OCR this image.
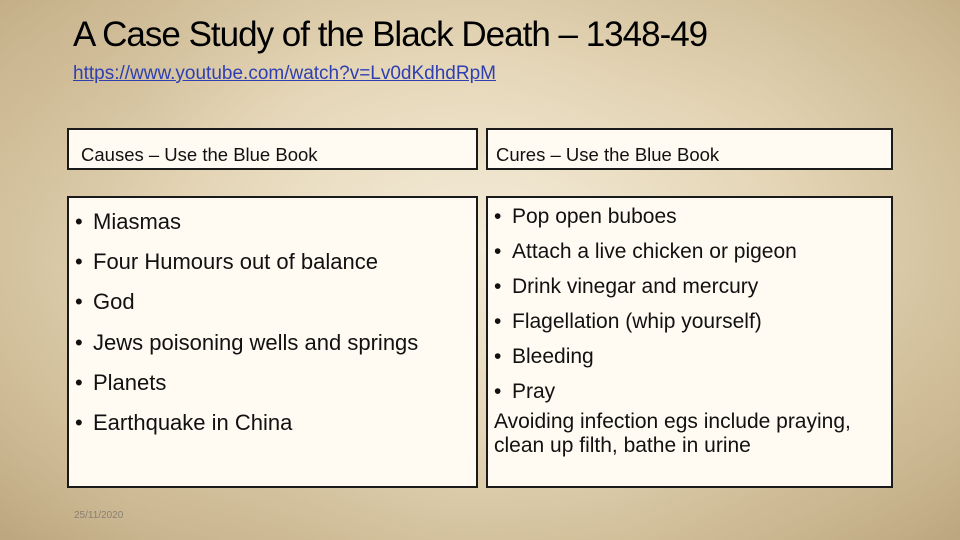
A Case Study of the Black Death – 1348-49
https://www.youtube.com/watch?v=Lv0dKdhdRpM
Causes – Use the Blue Book	Cures – Use the Blue Book
• Miasmas
• Four Humours out of balance
• God
• Jews poisoning wells and springs
• Planets
• Earthquake in China
• Pop open buboes
• Attach a live chicken or pigeon
• Drink vinegar and mercury
• Flagellation (whip yourself)
• Bleeding
• Pray
Avoiding infection egs include praying, clean up filth, bathe in urine
25/11/2020
